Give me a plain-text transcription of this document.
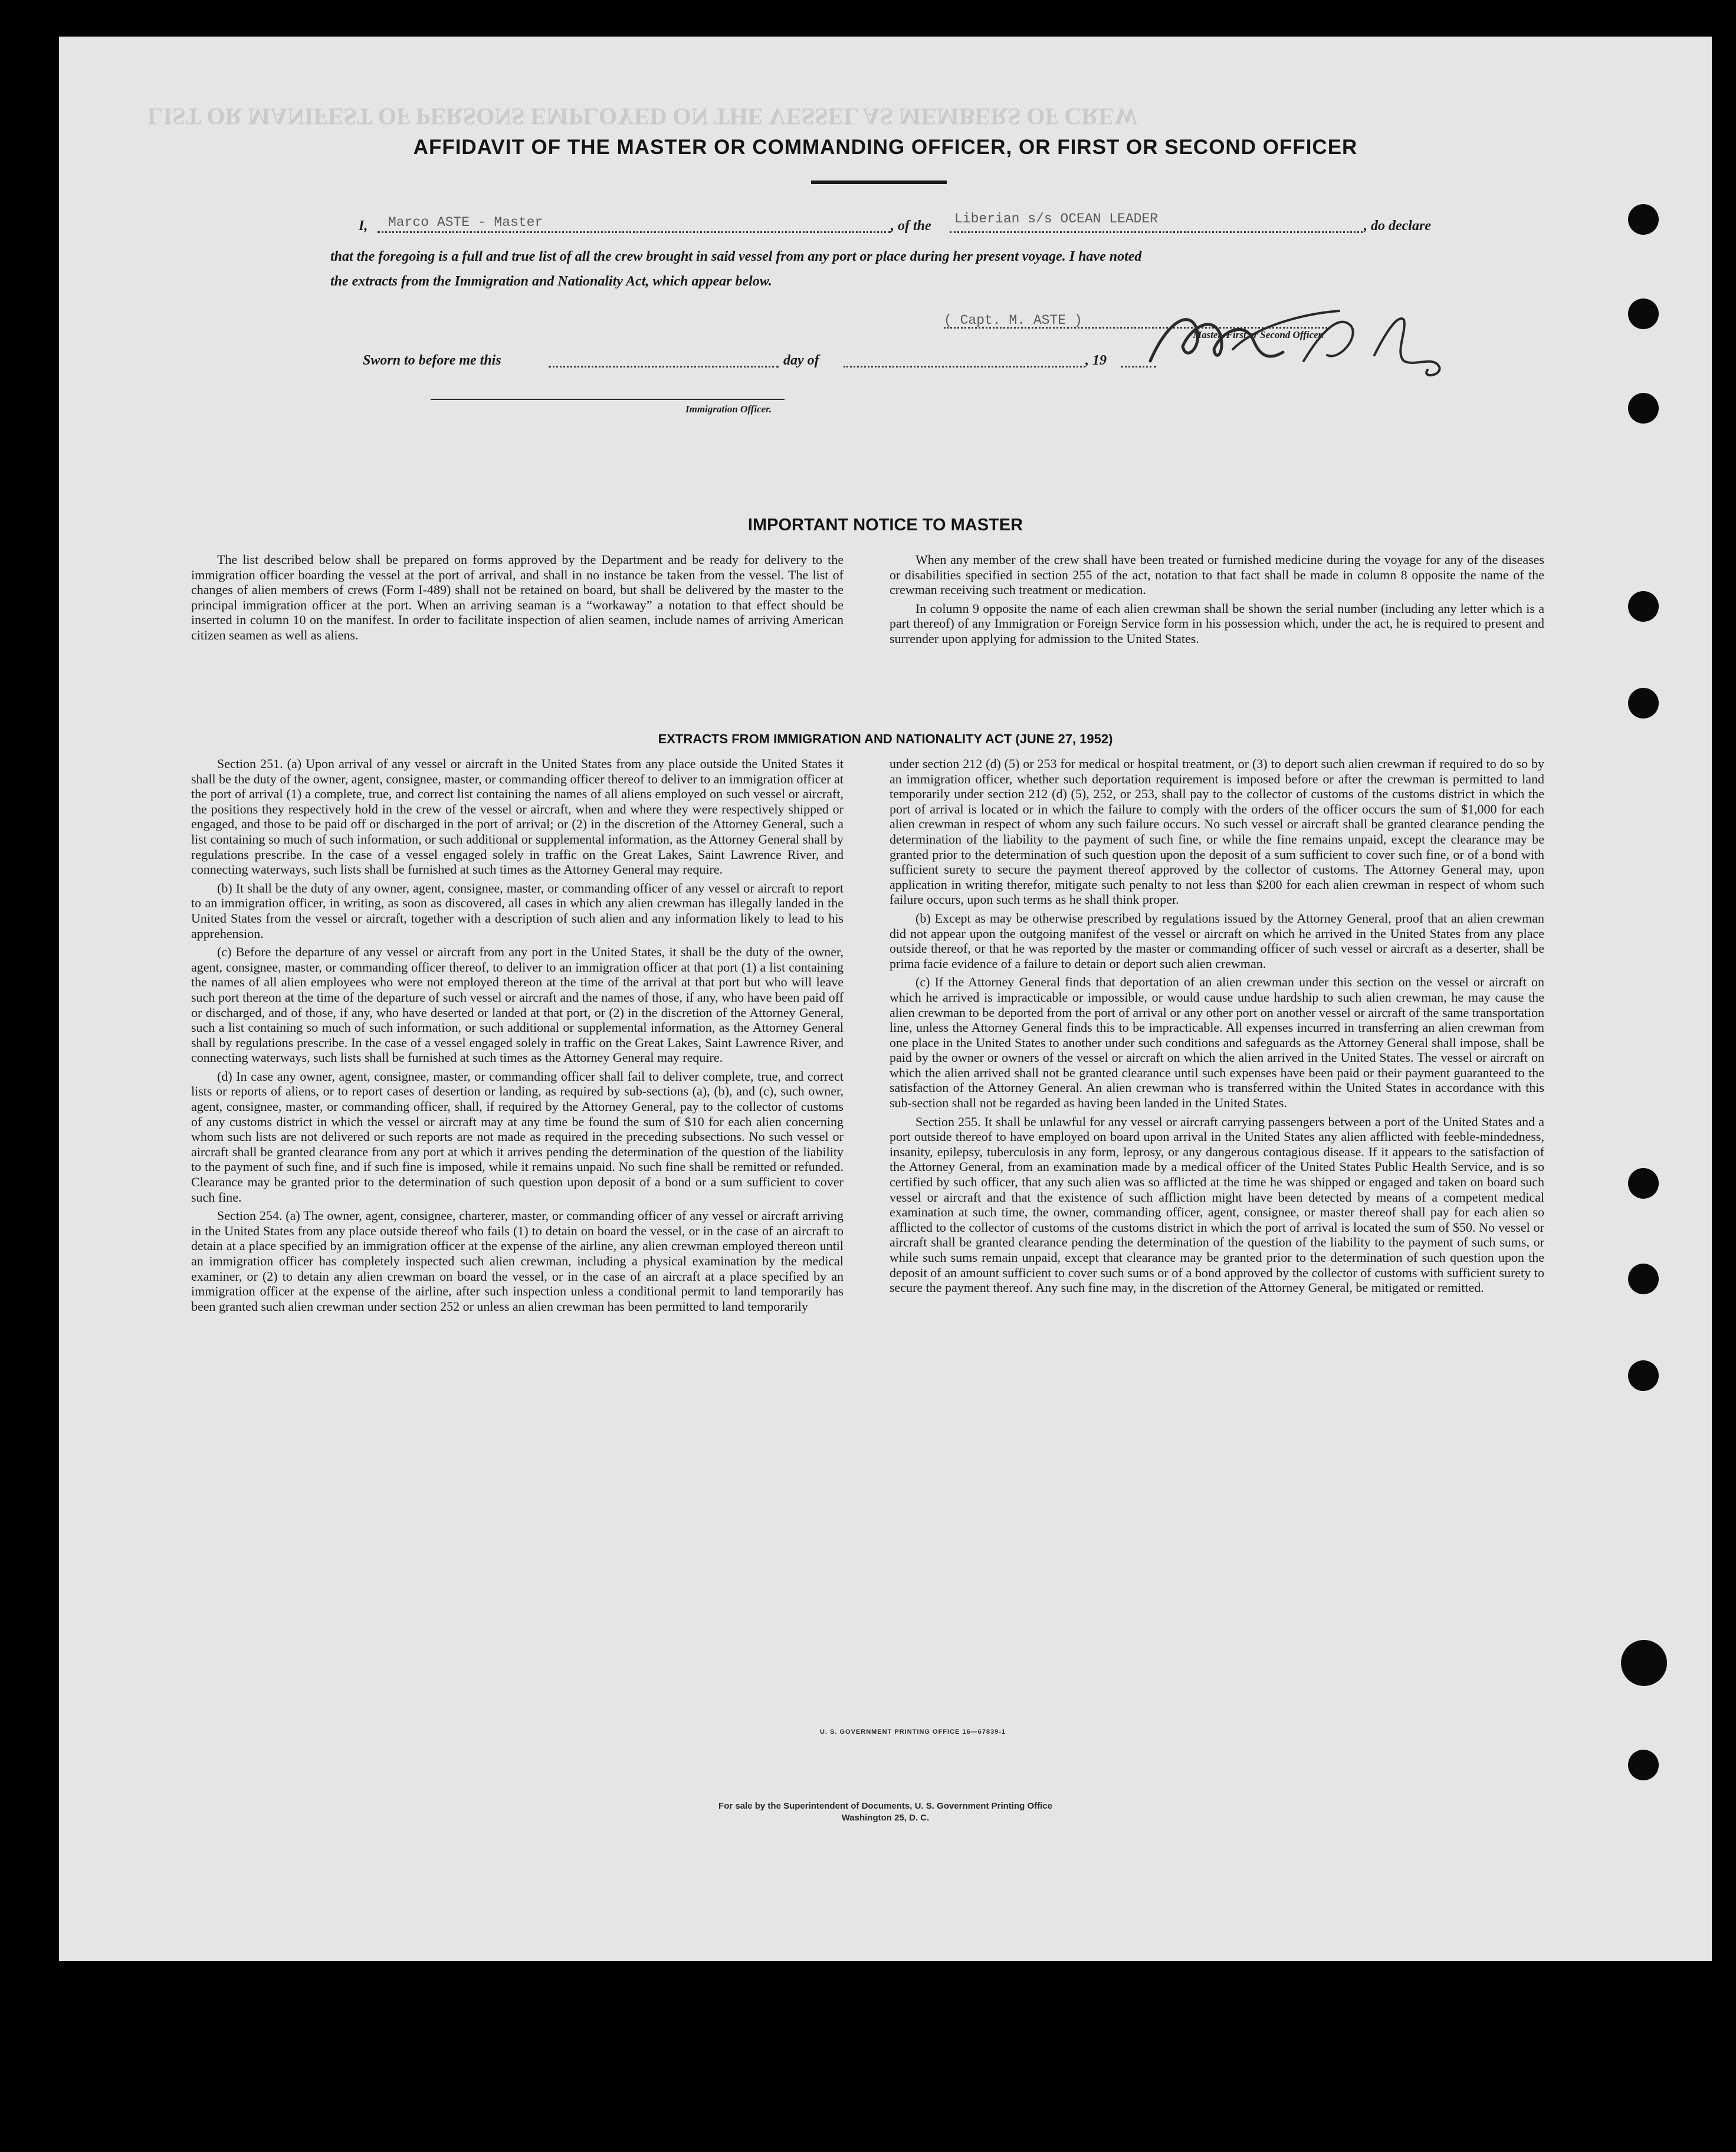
LIST OR MANIFEST OF PERSONS EMPLOYED ON THE VESSEL AS MEMBERS OF CREW
AFFIDAVIT OF THE MASTER OR COMMANDING OFFICER, OR FIRST OR SECOND OFFICER
I, Marco ASTE - Master	, of the Liberian s/s OCEAN LEADER	, do declare
that the foregoing is a full and true list of all the crew brought in said vessel from any port or place during her present voyage. I have noted
the extracts from the Immigration and Nationality Act, which appear below.
( Capt. M. ASTE )
Master, First or Second Officer.
Sworn to before me this	day of	, 19
Immigration Officer.
IMPORTANT NOTICE TO MASTER

The list described below shall be prepared on forms approved by the Department and be ready for delivery to the immigration officer boarding the vessel at the port of arrival, and shall in no instance be taken from the vessel. The list of changes of alien members of crews (Form I-489) shall not be retained on board, but shall be delivered by the master to the principal immigration officer at the port. When an arriving seaman is a “workaway” a notation to that effect should be inserted in column 10 on the manifest. In order to facilitate inspection of alien seamen, include names of arriving American citizen seamen as well as aliens.

When any member of the crew shall have been treated or furnished medicine during the voyage for any of the diseases or disabilities specified in section 255 of the act, notation to that fact shall be made in column 8 opposite the name of the crewman receiving such treatment or medication.

In column 9 opposite the name of each alien crewman shall be shown the serial number (including any letter which is a part thereof) of any Immigration or Foreign Service form in his possession which, under the act, he is required to present and surrender upon applying for admission to the United States.

EXTRACTS FROM IMMIGRATION AND NATIONALITY ACT (JUNE 27, 1952)

Section 251. (a) Upon arrival of any vessel or aircraft in the United States from any place outside the United States it shall be the duty of the owner, agent, consignee, master, or commanding officer thereof to deliver to an immigration officer at the port of arrival (1) a complete, true, and correct list containing the names of all aliens employed on such vessel or aircraft, the positions they respectively hold in the crew of the vessel or aircraft, when and where they were respectively shipped or engaged, and those to be paid off or discharged in the port of arrival; or (2) in the discretion of the Attorney General, such a list containing so much of such information, or such additional or supplemental information, as the Attorney General shall by regulations prescribe. In the case of a vessel engaged solely in traffic on the Great Lakes, Saint Lawrence River, and connecting waterways, such lists shall be furnished at such times as the Attorney General may require.

(b) It shall be the duty of any owner, agent, consignee, master, or commanding officer of any vessel or aircraft to report to an immigration officer, in writing, as soon as discovered, all cases in which any alien crewman has illegally landed in the United States from the vessel or aircraft, together with a description of such alien and any information likely to lead to his apprehension.

(c) Before the departure of any vessel or aircraft from any port in the United States, it shall be the duty of the owner, agent, consignee, master, or commanding officer thereof, to deliver to an immigration officer at that port (1) a list containing the names of all alien employees who were not employed thereon at the time of the arrival at that port but who will leave such port thereon at the time of the departure of such vessel or aircraft and the names of those, if any, who have been paid off or discharged, and of those, if any, who have deserted or landed at that port, or (2) in the discretion of the Attorney General, such a list containing so much of such information, or such additional or supplemental information, as the Attorney General shall by regulations prescribe. In the case of a vessel engaged solely in traffic on the Great Lakes, Saint Lawrence River, and connecting waterways, such lists shall be furnished at such times as the Attorney General may require.

(d) In case any owner, agent, consignee, master, or commanding officer shall fail to deliver complete, true, and correct lists or reports of aliens, or to report cases of desertion or landing, as required by sub-sections (a), (b), and (c), such owner, agent, consignee, master, or commanding officer, shall, if required by the Attorney General, pay to the collector of customs of any customs district in which the vessel or aircraft may at any time be found the sum of $10 for each alien concerning whom such lists are not delivered or such reports are not made as required in the preceding subsections. No such vessel or aircraft shall be granted clearance from any port at which it arrives pending the determination of the question of the liability to the payment of such fine, and if such fine is imposed, while it remains unpaid. No such fine shall be remitted or refunded. Clearance may be granted prior to the determination of such question upon deposit of a bond or a sum sufficient to cover such fine.

Section 254. (a) The owner, agent, consignee, charterer, master, or commanding officer of any vessel or aircraft arriving in the United States from any place outside thereof who fails (1) to detain on board the vessel, or in the case of an aircraft to detain at a place specified by an immigration officer at the expense of the airline, any alien crewman employed thereon until an immigration officer has completely inspected such alien crewman, including a physical examination by the medical examiner, or (2) to detain any alien crewman on board the vessel, or in the case of an aircraft at a place specified by an immigration officer at the expense of the airline, after such inspection unless a conditional permit to land temporarily has been granted such alien crewman under section 252 or unless an alien crewman has been permitted to land temporarily

under section 212 (d) (5) or 253 for medical or hospital treatment, or (3) to deport such alien crewman if required to do so by an immigration officer, whether such deportation requirement is imposed before or after the crewman is permitted to land temporarily under section 212 (d) (5), 252, or 253, shall pay to the collector of customs of the customs district in which the port of arrival is located or in which the failure to comply with the orders of the officer occurs the sum of $1,000 for each alien crewman in respect of whom any such failure occurs. No such vessel or aircraft shall be granted clearance pending the determination of the liability to the payment of such fine, or while the fine remains unpaid, except the clearance may be granted prior to the determination of such question upon the deposit of a sum sufficient to cover such fine, or of a bond with sufficient surety to secure the payment thereof approved by the collector of customs. The Attorney General may, upon application in writing therefor, mitigate such penalty to not less than $200 for each alien crewman in respect of whom such failure occurs, upon such terms as he shall think proper.

(b) Except as may be otherwise prescribed by regulations issued by the Attorney General, proof that an alien crewman did not appear upon the outgoing manifest of the vessel or aircraft on which he arrived in the United States from any place outside thereof, or that he was reported by the master or commanding officer of such vessel or aircraft as a deserter, shall be prima facie evidence of a failure to detain or deport such alien crewman.

(c) If the Attorney General finds that deportation of an alien crewman under this section on the vessel or aircraft on which he arrived is impracticable or impossible, or would cause undue hardship to such alien crewman, he may cause the alien crewman to be deported from the port of arrival or any other port on another vessel or aircraft of the same transportation line, unless the Attorney General finds this to be impracticable. All expenses incurred in transferring an alien crewman from one place in the United States to another under such conditions and safeguards as the Attorney General shall impose, shall be paid by the owner or owners of the vessel or aircraft on which the alien arrived in the United States. The vessel or aircraft on which the alien arrived shall not be granted clearance until such expenses have been paid or their payment guaranteed to the satisfaction of the Attorney General. An alien crewman who is transferred within the United States in accordance with this sub-section shall not be regarded as having been landed in the United States.

Section 255. It shall be unlawful for any vessel or aircraft carrying passengers between a port of the United States and a port outside thereof to have employed on board upon arrival in the United States any alien afflicted with feeble-mindedness, insanity, epilepsy, tuberculosis in any form, leprosy, or any dangerous contagious disease. If it appears to the satisfaction of the Attorney General, from an examination made by a medical officer of the United States Public Health Service, and is so certified by such officer, that any such alien was so afflicted at the time he was shipped or engaged and taken on board such vessel or aircraft and that the existence of such affliction might have been detected by means of a competent medical examination at such time, the owner, commanding officer, agent, consignee, or master thereof shall pay for each alien so afflicted to the collector of customs of the customs district in which the port of arrival is located the sum of $50. No vessel or aircraft shall be granted clearance pending the determination of the question of the liability to the payment of such sums, or while such sums remain unpaid, except that clearance may be granted prior to the determination of such question upon the deposit of an amount sufficient to cover such sums or of a bond approved by the collector of customs with sufficient surety to secure the payment thereof. Any such fine may, in the discretion of the Attorney General, be mitigated or remitted.

U. S. GOVERNMENT PRINTING OFFICE 16—67839-1
For sale by the Superintendent of Documents, U. S. Government Printing Office
Washington 25, D. C.
